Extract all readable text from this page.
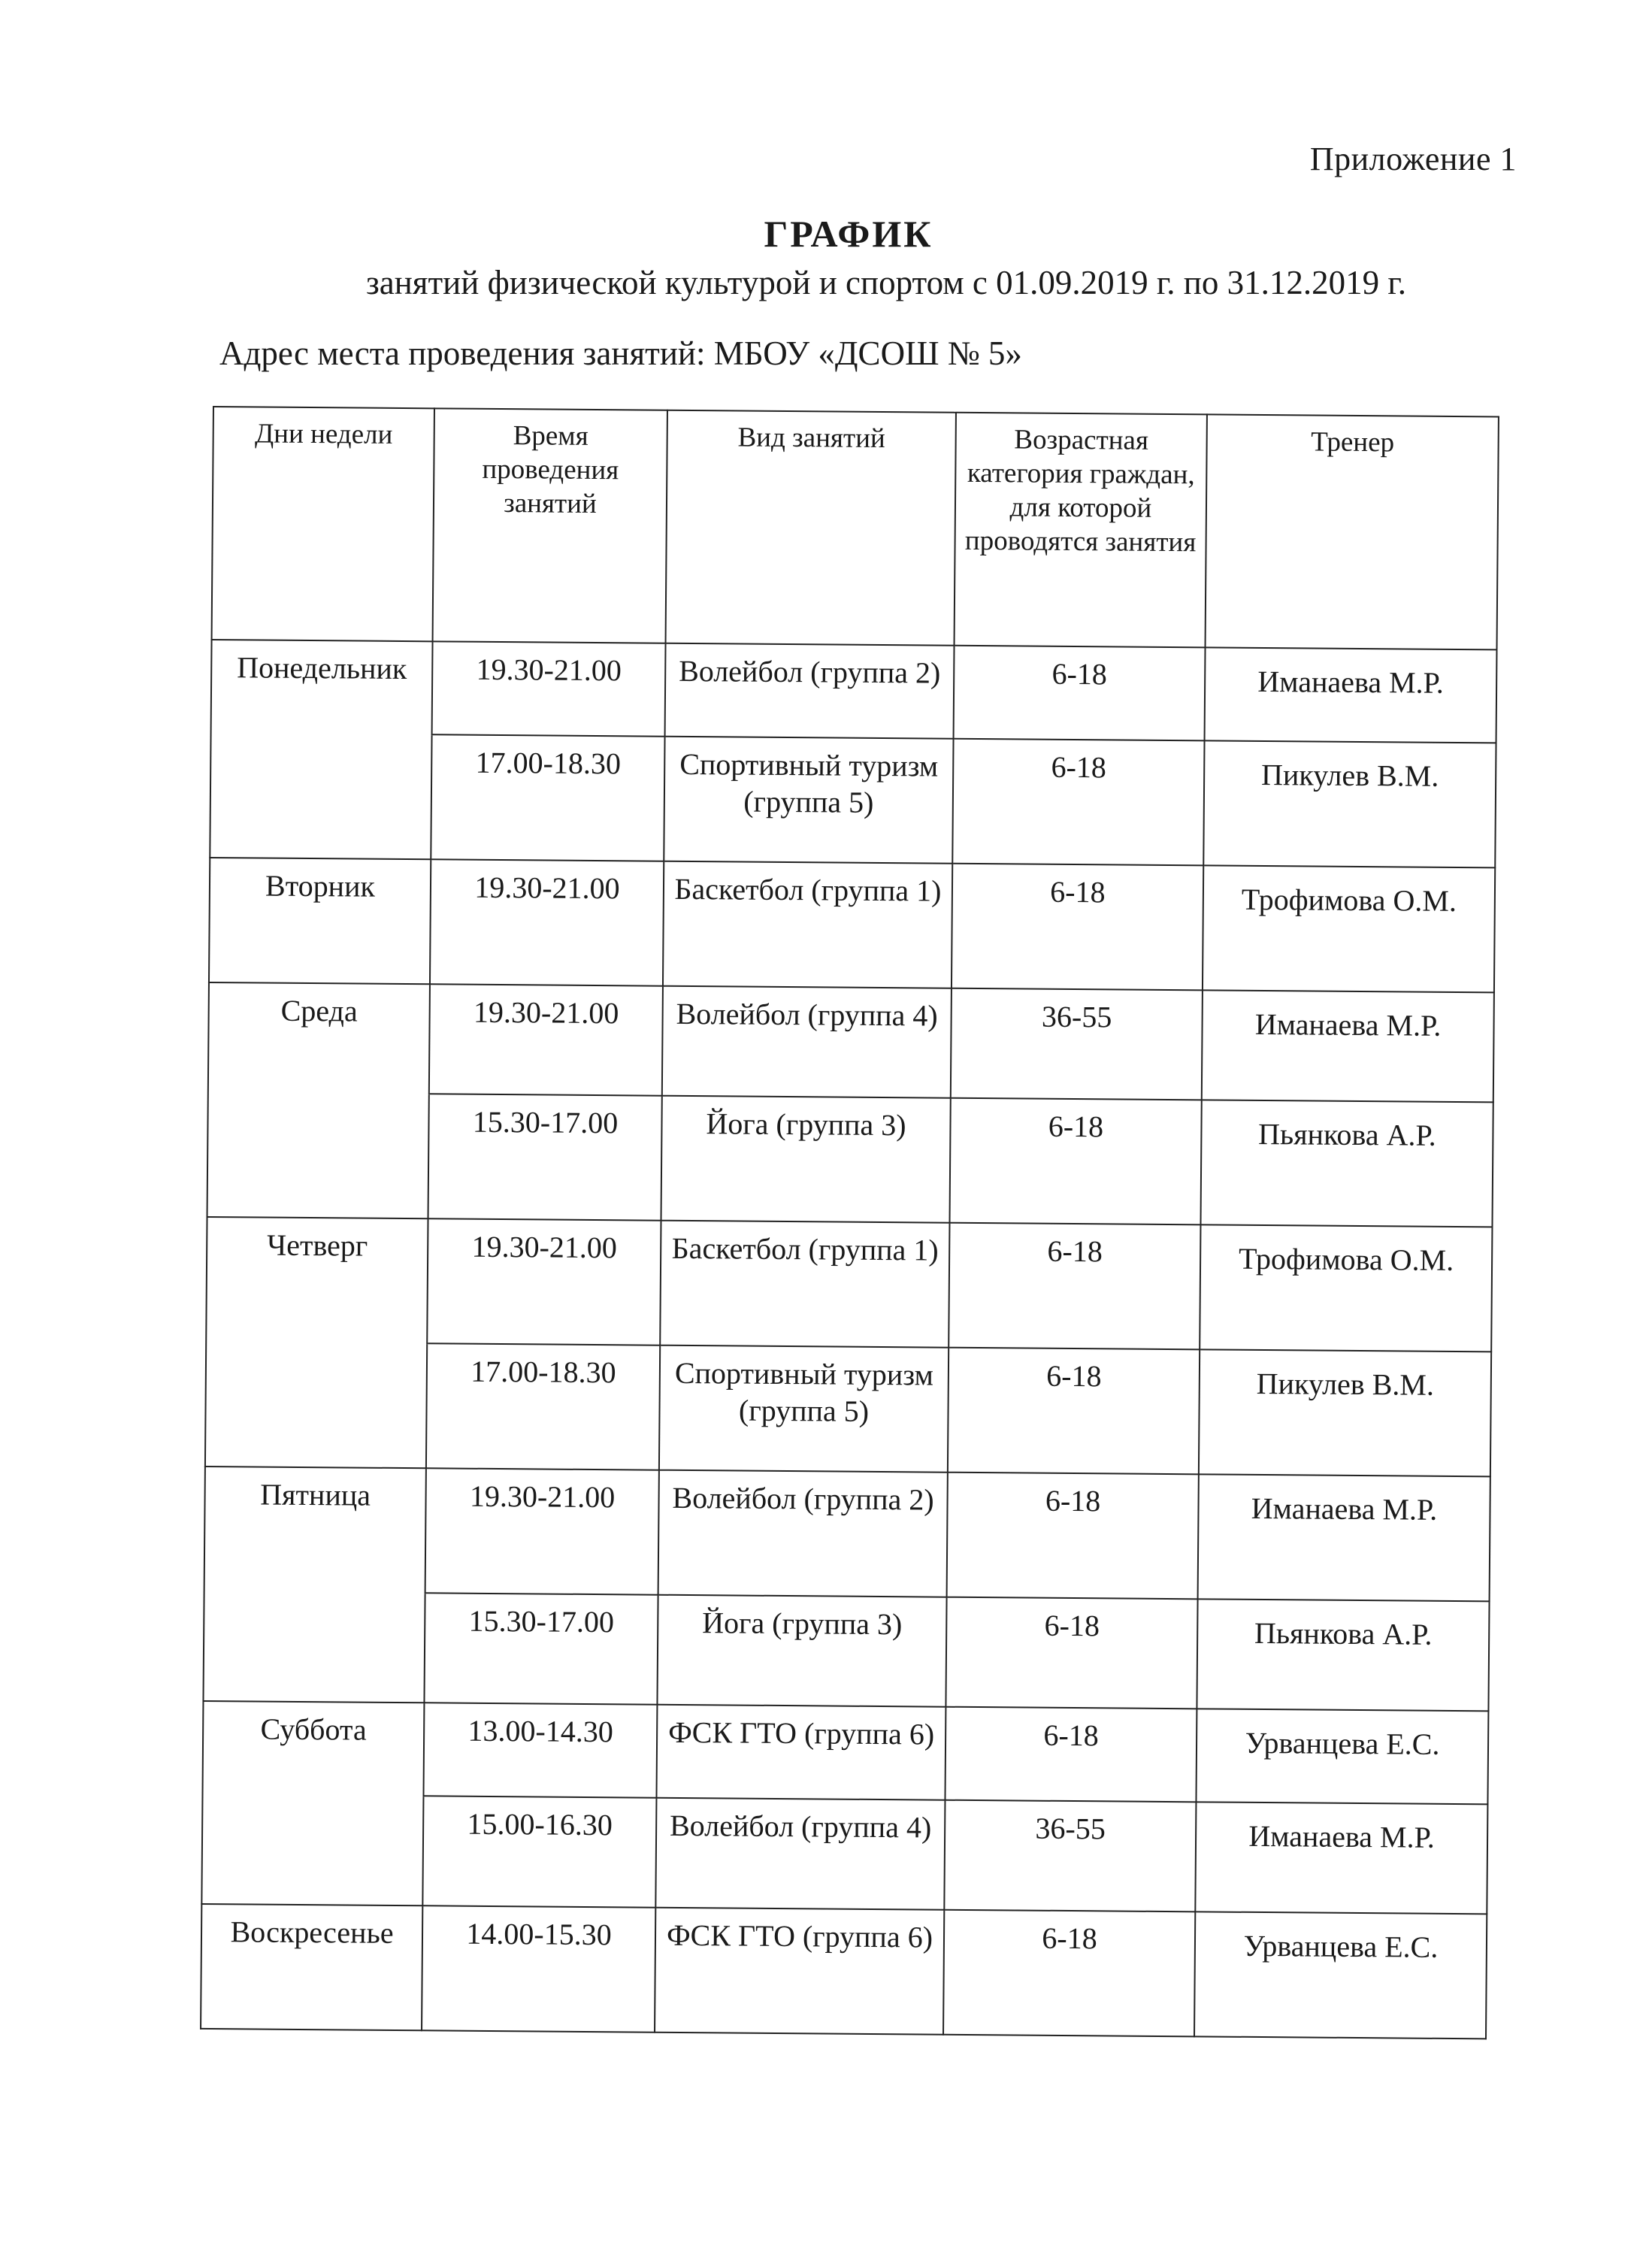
Приложение 1
ГРАФИК
занятий физической культурой и спортом с 01.09.2019 г. по 31.12.2019 г.
Адрес места проведения занятий: МБОУ «ДСОШ № 5»
Дни недели	Время проведения занятий	Вид занятий	Возрастная категория граждан, для которой проводятся занятия	Тренер
Понедельник	19.30-21.00	Волейбол (группа 2)	6-18	Иманаева М.Р.
	17.00-18.30	Спортивный туризм (группа 5)	6-18	Пикулев В.М.
Вторник	19.30-21.00	Баскетбол (группа 1)	6-18	Трофимова О.М.
Среда	19.30-21.00	Волейбол (группа 4)	36-55	Иманаева М.Р.
	15.30-17.00	Йога (группа 3)	6-18	Пьянкова А.Р.
Четверг	19.30-21.00	Баскетбол (группа 1)	6-18	Трофимова О.М.
	17.00-18.30	Спортивный туризм (группа 5)	6-18	Пикулев В.М.
Пятница	19.30-21.00	Волейбол (группа 2)	6-18	Иманаева М.Р.
	15.30-17.00	Йога (группа 3)	6-18	Пьянкова А.Р.
Суббота	13.00-14.30	ФСК ГТО (группа 6)	6-18	Урванцева Е.С.
	15.00-16.30	Волейбол (группа 4)	36-55	Иманаева М.Р.
Воскресенье	14.00-15.30	ФСК ГТО (группа 6)	6-18	Урванцева Е.С.
